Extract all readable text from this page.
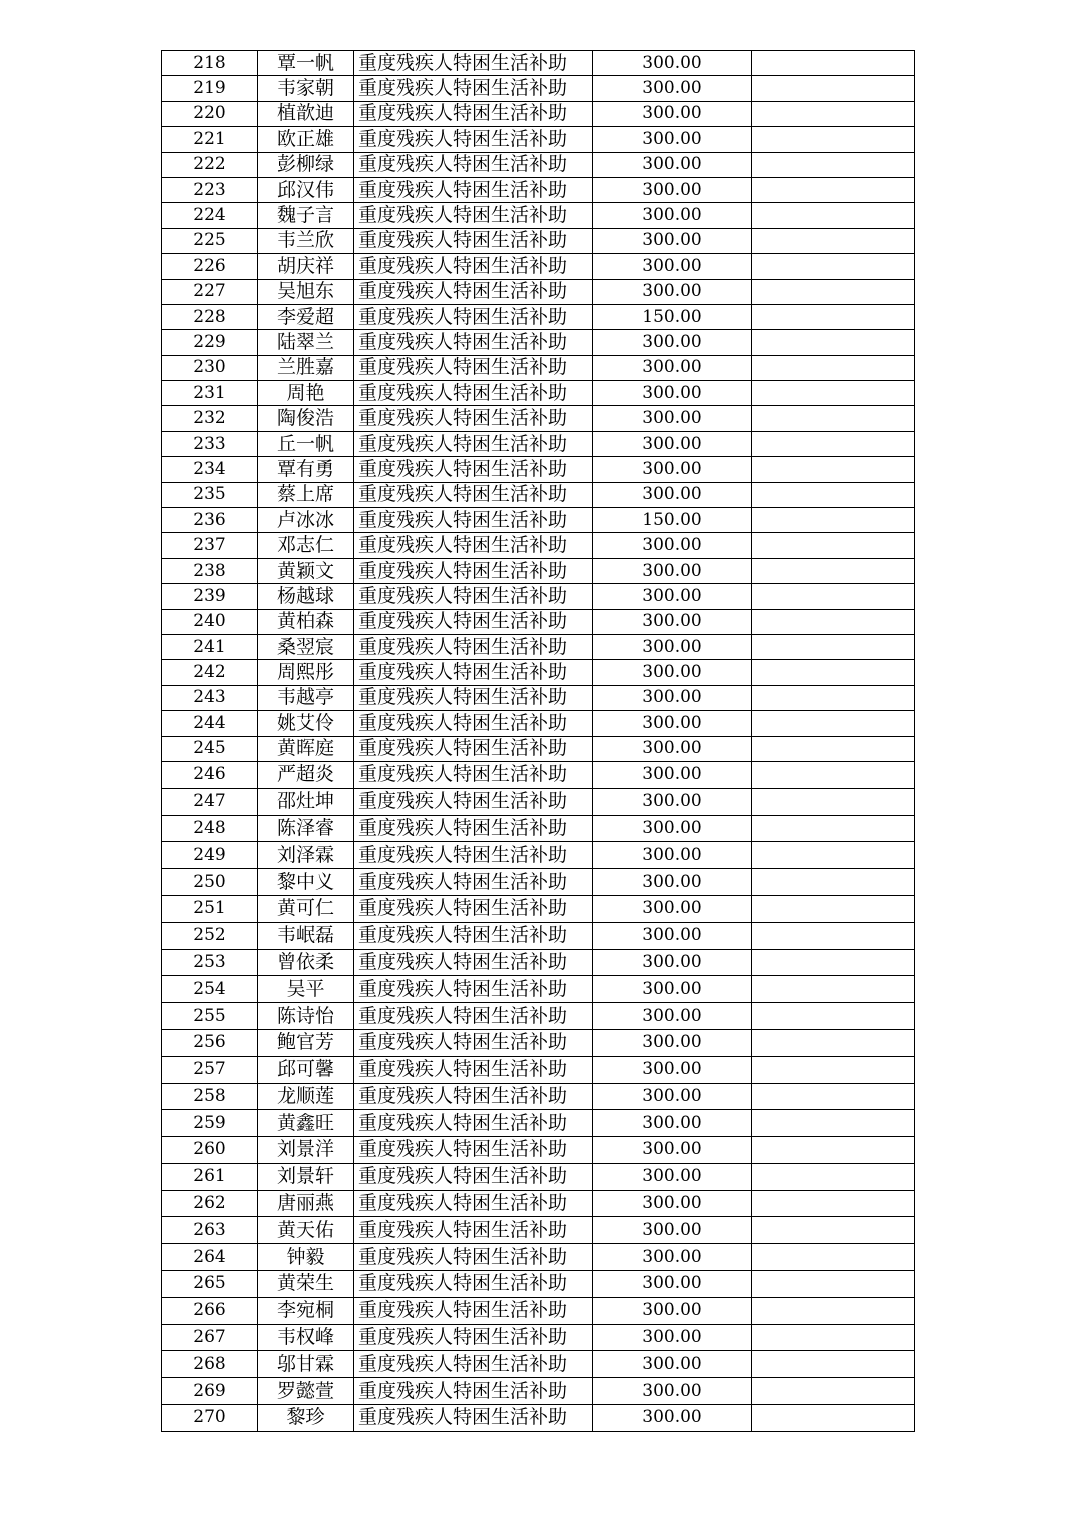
218	覃一帆	重度残疾人特困生活补助	300.00	
219	韦家朝	重度残疾人特困生活补助	300.00	
220	植歆迪	重度残疾人特困生活补助	300.00	
221	欧正雄	重度残疾人特困生活补助	300.00	
222	彭柳绿	重度残疾人特困生活补助	300.00	
223	邱汉伟	重度残疾人特困生活补助	300.00	
224	魏子言	重度残疾人特困生活补助	300.00	
225	韦兰欣	重度残疾人特困生活补助	300.00	
226	胡庆祥	重度残疾人特困生活补助	300.00	
227	吴旭东	重度残疾人特困生活补助	300.00	
228	李爱超	重度残疾人特困生活补助	150.00	
229	陆翠兰	重度残疾人特困生活补助	300.00	
230	兰胜嘉	重度残疾人特困生活补助	300.00	
231	周艳	重度残疾人特困生活补助	300.00	
232	陶俊浩	重度残疾人特困生活补助	300.00	
233	丘一帆	重度残疾人特困生活补助	300.00	
234	覃有勇	重度残疾人特困生活补助	300.00	
235	蔡上席	重度残疾人特困生活补助	300.00	
236	卢冰冰	重度残疾人特困生活补助	150.00	
237	邓志仁	重度残疾人特困生活补助	300.00	
238	黄颖文	重度残疾人特困生活补助	300.00	
239	杨越球	重度残疾人特困生活补助	300.00	
240	黄柏森	重度残疾人特困生活补助	300.00	
241	桑翌宸	重度残疾人特困生活补助	300.00	
242	周熙彤	重度残疾人特困生活补助	300.00	
243	韦越亭	重度残疾人特困生活补助	300.00	
244	姚艾伶	重度残疾人特困生活补助	300.00	
245	黄晖庭	重度残疾人特困生活补助	300.00	
246	严超炎	重度残疾人特困生活补助	300.00	
247	邵灶坤	重度残疾人特困生活补助	300.00	
248	陈泽睿	重度残疾人特困生活补助	300.00	
249	刘泽霖	重度残疾人特困生活补助	300.00	
250	黎中义	重度残疾人特困生活补助	300.00	
251	黄可仁	重度残疾人特困生活补助	300.00	
252	韦岷磊	重度残疾人特困生活补助	300.00	
253	曾依柔	重度残疾人特困生活补助	300.00	
254	吴平	重度残疾人特困生活补助	300.00	
255	陈诗怡	重度残疾人特困生活补助	300.00	
256	鲍官芳	重度残疾人特困生活补助	300.00	
257	邱可馨	重度残疾人特困生活补助	300.00	
258	龙顺莲	重度残疾人特困生活补助	300.00	
259	黄鑫旺	重度残疾人特困生活补助	300.00	
260	刘景洋	重度残疾人特困生活补助	300.00	
261	刘景轩	重度残疾人特困生活补助	300.00	
262	唐丽燕	重度残疾人特困生活补助	300.00	
263	黄天佑	重度残疾人特困生活补助	300.00	
264	钟毅	重度残疾人特困生活补助	300.00	
265	黄荣生	重度残疾人特困生活补助	300.00	
266	李宛桐	重度残疾人特困生活补助	300.00	
267	韦权峰	重度残疾人特困生活补助	300.00	
268	邬甘霖	重度残疾人特困生活补助	300.00	
269	罗懿萱	重度残疾人特困生活补助	300.00	
270	黎珍	重度残疾人特困生活补助	300.00	
